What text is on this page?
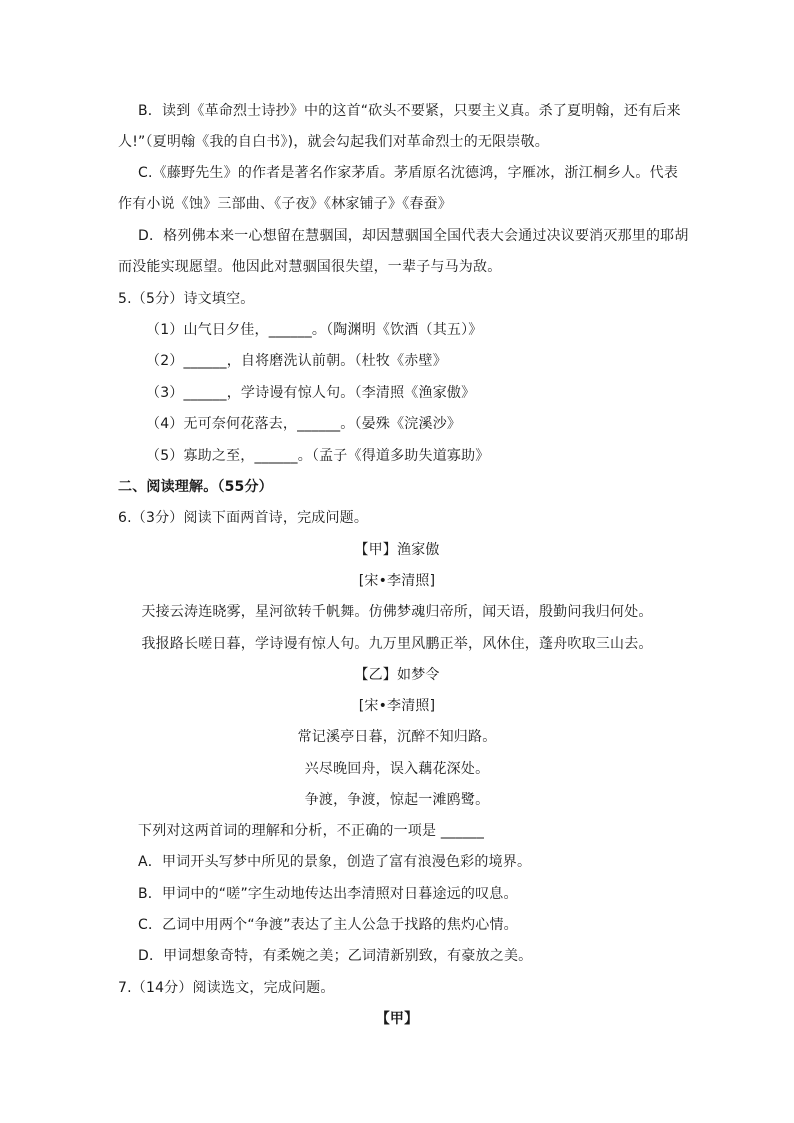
B．读到《革命烈士诗抄》中的这首“砍头不要紧，只要主义真。杀了夏明翰，还有后来
人!”（夏明翰《我的自白书》)，就会勾起我们对革命烈士的无限崇敬。
C.《藤野先生》的作者是著名作家茅盾。茅盾原名沈德鸿，字雁冰，浙江桐乡人。代表
作有小说《蚀》三部曲、《子夜》《林家铺子》《春蚕》
D．格列佛本来一心想留在慧骃国，却因慧骃国全国代表大会通过决议要消灭那里的耶胡
而没能实现愿望。他因此对慧骃国很失望，一辈子与马为敌。
5.（5分）诗文填空。
（1）山气日夕佳，______。（陶渊明《饮酒（其五）》
（2）______，自将磨洗认前朝。（杜牧《赤壁》
（3）______，学诗谩有惊人句。（李清照《渔家傲》
（4）无可奈何花落去，______。（晏殊《浣溪沙》
（5）寡助之至，______。（孟子《得道多助失道寡助》
二、阅读理解。（55分）
6.（3分）阅读下面两首诗，完成问题。
【甲】渔家傲
[宋•李清照]
天接云涛连晓雾，星河欲转千帆舞。仿佛梦魂归帝所，闻天语，殷勤问我归何处。
我报路长嗟日暮，学诗谩有惊人句。九万里风鹏正举，风休住，蓬舟吹取三山去。
【乙】如梦令
[宋•李清照]
常记溪亭日暮，沉醉不知归路。
兴尽晚回舟，误入藕花深处。
争渡，争渡，惊起一滩鸥鹭。
下列对这两首词的理解和分析，不正确的一项是 ______
A．甲词开头写梦中所见的景象，创造了富有浪漫色彩的境界。
B．甲词中的“嗟”字生动地传达出李清照对日暮途远的叹息。
C．乙词中用两个“争渡”表达了主人公急于找路的焦灼心情。
D．甲词想象奇特，有柔婉之美；乙词清新别致，有豪放之美。
7.（14分）阅读选文，完成问题。
【甲】
